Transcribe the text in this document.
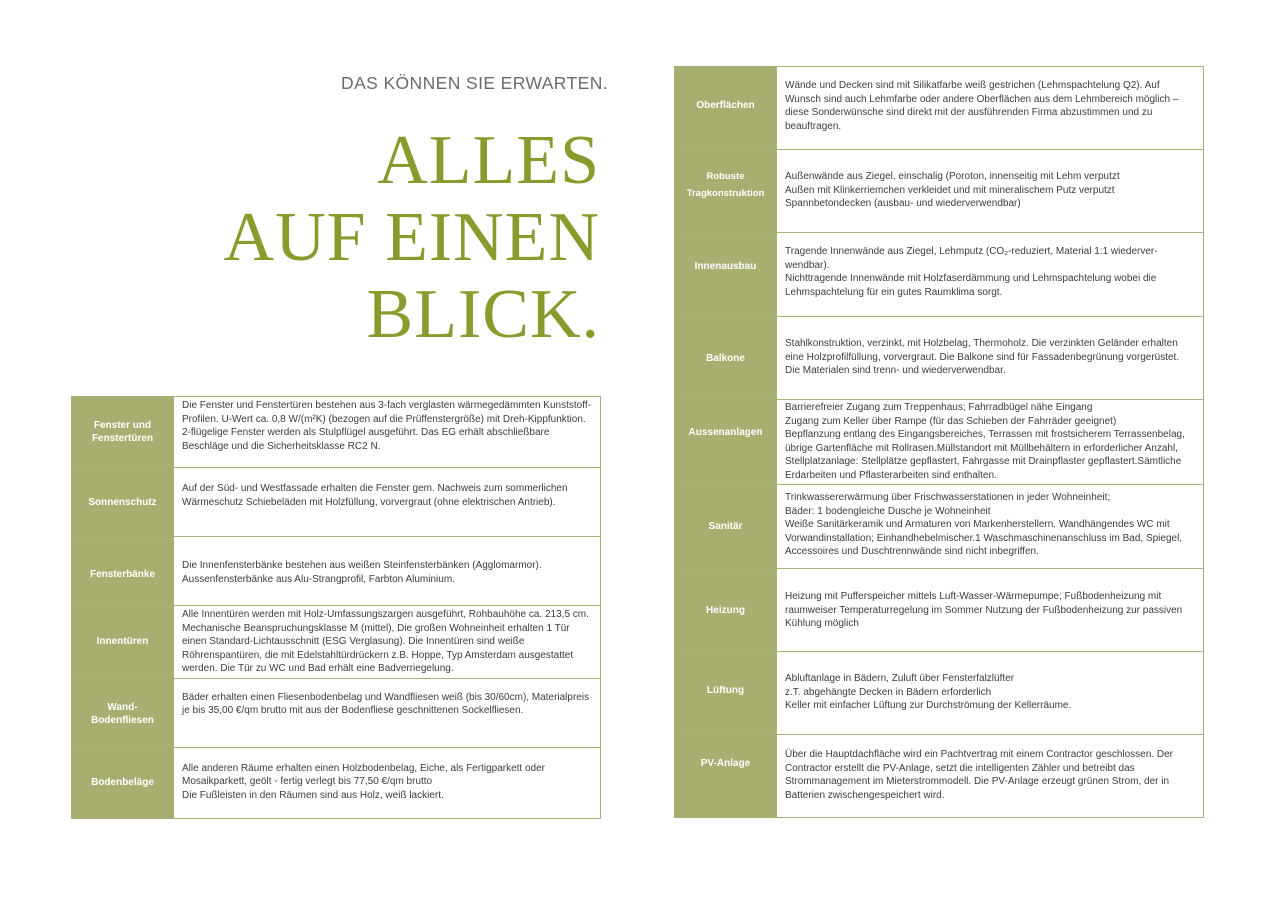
DAS KÖNNEN SIE ERWARTEN.
ALLES
AUF EINEN
BLICK.
Fenster und Fenstertüren	Die Fenster und Fenstertüren bestehen aus 3-fach verglasten wärmegedämmten Kunststoff-Profilen. U-Wert ca. 0,8 W/(m²K) (bezogen auf die Prüffenstergröße) mit Dreh-Kippfunktion. 2-flügelige Fenster werden als Stulpflügel ausgeführt. Das EG erhält abschließbare Beschläge und die Sicherheitsklasse RC2 N.
Sonnenschutz	Auf der Süd- und Westfassade erhalten die Fenster gem. Nachweis zum sommerlichen Wärmeschutz Schiebeläden mit Holzfüllung, vorvergraut (ohne elektrischen Antrieb).
Fensterbänke	Die Innenfensterbänke bestehen aus weißen Steinfensterbänken (Agglomarmor). Aussenfensterbänke aus Alu-Strangprofil, Farbton Aluminium.
Innentüren	Alle Innentüren werden mit Holz-Umfassungszargen ausgeführt, Rohbauhöhe ca. 213,5 cm. Mechanische Beanspruchungsklasse M (mittel), Die großen Wohneinheit erhalten 1 Tür einen Standard-Lichtausschnitt (ESG Verglasung). Die Innentüren sind weiße Röhrenspantüren, die mit Edelstahltürdrückern z.B. Hoppe, Typ Amsterdam ausgestattet werden. Die Tür zu WC und Bad erhält eine Badverriegelung.
Wand- Bodenfliesen	Bäder erhalten einen Fliesenbodenbelag und Wandfliesen weiß (bis 30/60cm), Materialpreis je bis 35,00 €/qm brutto mit aus der Bodenfliese geschnittenen Sockelfliesen.
Bodenbeläge	Alle anderen Räume erhalten einen Holzbodenbelag, Eiche, als Fertigparkett oder Mosaikparkett, geölt - fertig verlegt bis 77,50 €/qm brutto
Die Fußleisten in den Räumen sind aus Holz, weiß lackiert.
Oberflächen	Wände und Decken sind mit Silikatfarbe weiß gestrichen (Lehmspachtelung Q2). Auf Wunsch sind auch Lehmfarbe oder andere Oberflächen aus dem Lehmbereich möglich – diese Sonderwünsche sind direkt mit der ausführenden Firma abzustimmen und zu beauftragen.
Robuste Tragkonstruktion	Außenwände aus Ziegel, einschalig (Poroton, innenseitig mit Lehm verputzt
Außen mit Klinkerriemchen verkleidet und mit mineralischem Putz verputzt
Spannbetondecken (ausbau- und wiederverwendbar)
Innenausbau	Tragende Innenwände aus Ziegel, Lehmputz (CO₂-reduziert, Material 1:1 wiederverwendbar).
Nichttragende Innenwände mit Holzfaserdämmung und Lehmspachtelung wobei die Lehmspachtelung für ein gutes Raumklima sorgt.
Balkone	Stahlkonstruktion, verzinkt, mit Holzbelag, Thermoholz. Die verzinkten Geländer erhalten eine Holzprofilfüllung, vorvergraut. Die Balkone sind für Fassadenbegrünung vorgerüstet. Die Materialen sind trenn- und wiederverwendbar.
Aussenanlagen	Barrierefreier Zugang zum Treppenhaus; Fahrradbügel nähe Eingang
Zugang zum Keller über Rampe (für das Schieben der Fahrräder geeignet)
Bepflanzung entlang des Eingangsbereiches, Terrassen mit frostsicherem Terrassenbelag, übrige Gartenfläche mit Rollrasen.Müllstandort mit Müllbehältern in erforderlicher Anzahl, Stellplatzanlage: Stellplätze gepflastert, Fahrgasse mit Drainpflaster gepflastert.Sämtliche Erdarbeiten und Pflasterarbeiten sind enthalten.
Sanitär	Trinkwassererwärmung über Frischwasserstationen in jeder Wohneinheit;
Bäder: 1 bodengleiche Dusche je Wohneinheit
Weiße Sanitärkeramik und Armaturen von Markenherstellern. Wandhängendes WC mit Vorwandinstallation; Einhandhebelmischer.1 Waschmaschinenanschluss im Bad, Spiegel, Accessoires und Duschtrennwände sind nicht inbegriffen.
Heizung	Heizung mit Pufferspeicher mittels Luft-Wasser-Wärmepumpe; Fußbodenheizung mit raumweiser Temperaturregelung im Sommer Nutzung der Fußbodenheizung zur passiven Kühlung möglich
Lüftung	Abluftanlage in Bädern, Zuluft über Fensterfalzlüfter
z.T. abgehängte Decken in Bädern erforderlich
Keller mit einfacher Lüftung zur Durchströmung der Kellerräume.
PV-Anlage	Über die Hauptdachfläche wird ein Pachtvertrag mit einem Contractor geschlossen. Der Contractor erstellt die PV-Anlage, setzt die intelligenten Zähler und betreibt das Strommanagement im Mieterstrommodell. Die PV-Anlage erzeugt grünen Strom, der in Batterien zwischengespeichert wird.
